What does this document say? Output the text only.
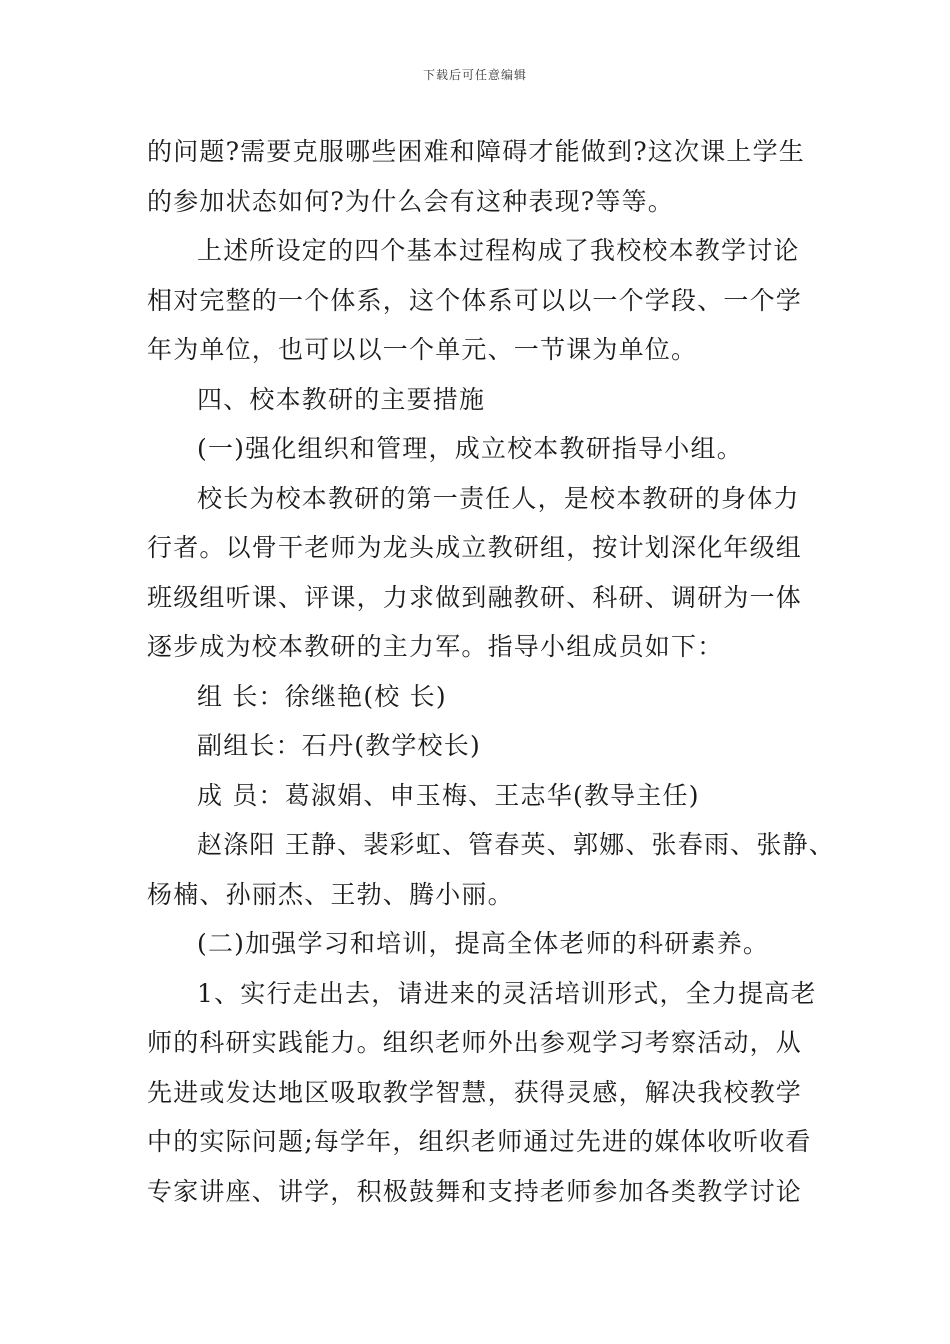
下载后可任意编辑
的问题?需要克服哪些困难和障碍才能做到?这次课上学生
的参加状态如何?为什么会有这种表现?等等。
上述所设定的四个基本过程构成了我校校本教学讨论
相对完整的一个体系，这个体系可以以一个学段、一个学
年为单位，也可以以一个单元、一节课为单位。
四、校本教研的主要措施
(一)强化组织和管理，成立校本教研指导小组。
校长为校本教研的第一责任人，是校本教研的身体力
行者。以骨干老师为龙头成立教研组，按计划深化年级组
班级组听课、评课，力求做到融教研、科研、调研为一体
逐步成为校本教研的主力军。指导小组成员如下：
组 长：徐继艳(校 长)
副组长：石丹(教学校长)
成 员：葛淑娟、申玉梅、王志华(教导主任)
赵涤阳 王静、裴彩虹、管春英、郭娜、张春雨、张静、
杨楠、孙丽杰、王勃、腾小丽。
(二)加强学习和培训，提高全体老师的科研素养。
1、实行走出去，请进来的灵活培训形式，全力提高老
师的科研实践能力。组织老师外出参观学习考察活动，从
先进或发达地区吸取教学智慧，获得灵感，解决我校教学
中的实际问题;每学年，组织老师通过先进的媒体收听收看
专家讲座、讲学，积极鼓舞和支持老师参加各类教学讨论
